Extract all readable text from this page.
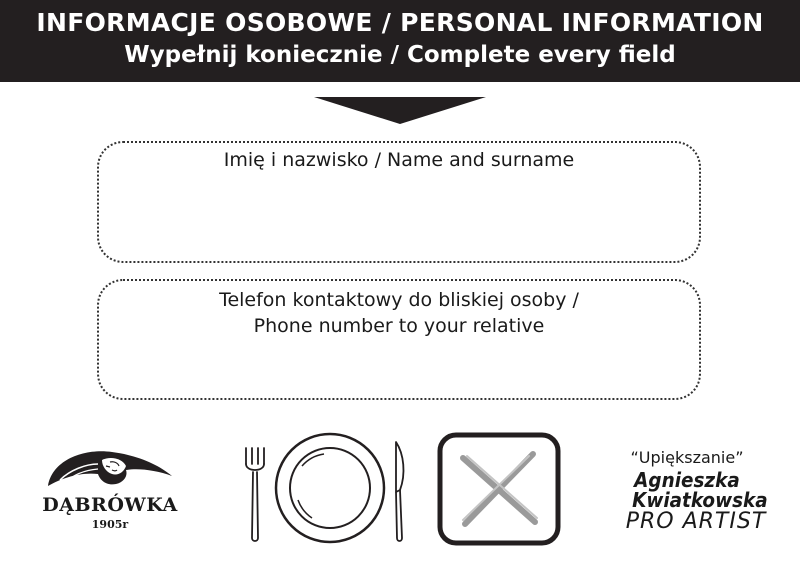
INFORMACJE OSOBOWE / PERSONAL INFORMATION
Wypełnij koniecznie / Complete every field
Imię i nazwisko / Name and surname
Telefon kontaktowy do bliskiej osoby /
Phone number to your relative
DĄBRÓWKA
1905r
“Upiększanie”
Agnieszka
Kwiatkowska
PRO ARTIST
